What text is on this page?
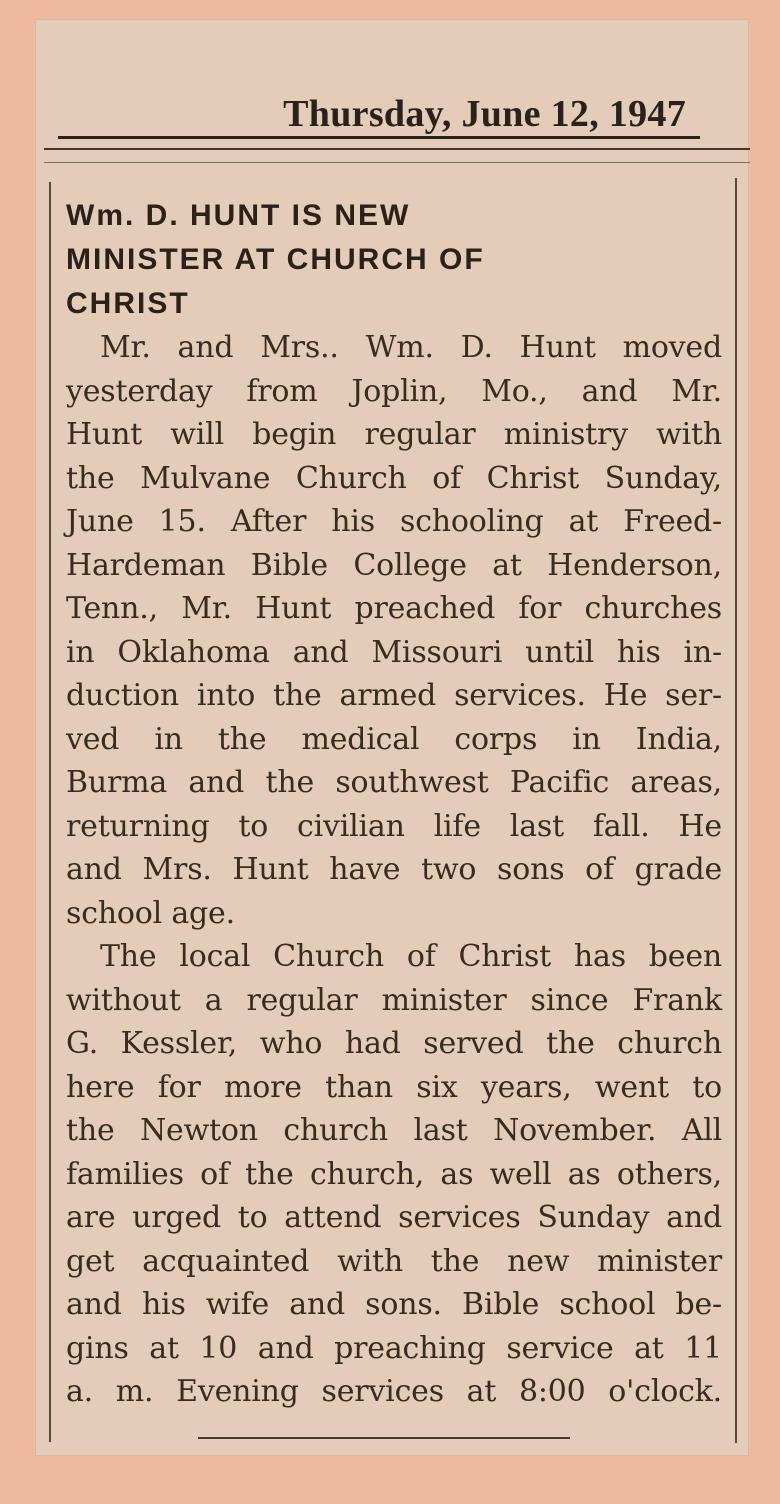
Thursday, June 12, 1947
Wm. D. HUNT IS NEW
MINISTER AT CHURCH OF
CHRIST
Mr. and Mrs.. Wm. D. Hunt moved
yesterday from Joplin, Mo., and Mr.
Hunt will begin regular ministry with
the Mulvane Church of Christ Sunday,
June 15. After his schooling at Freed-
Hardeman Bible College at Henderson,
Tenn., Mr. Hunt preached for churches
in Oklahoma and Missouri until his in-
duction into the armed services. He ser-
ved in the medical corps in India,
Burma and the southwest Pacific areas,
returning to civilian life last fall. He
and Mrs. Hunt have two sons of grade
school age.
The local Church of Christ has been
without a regular minister since Frank
G. Kessler, who had served the church
here for more than six years, went to
the Newton church last November. All
families of the church, as well as others,
are urged to attend services Sunday and
get acquainted with the new minister
and his wife and sons. Bible school be-
gins at 10 and preaching service at 11
a. m. Evening services at 8:00 o'clock.
